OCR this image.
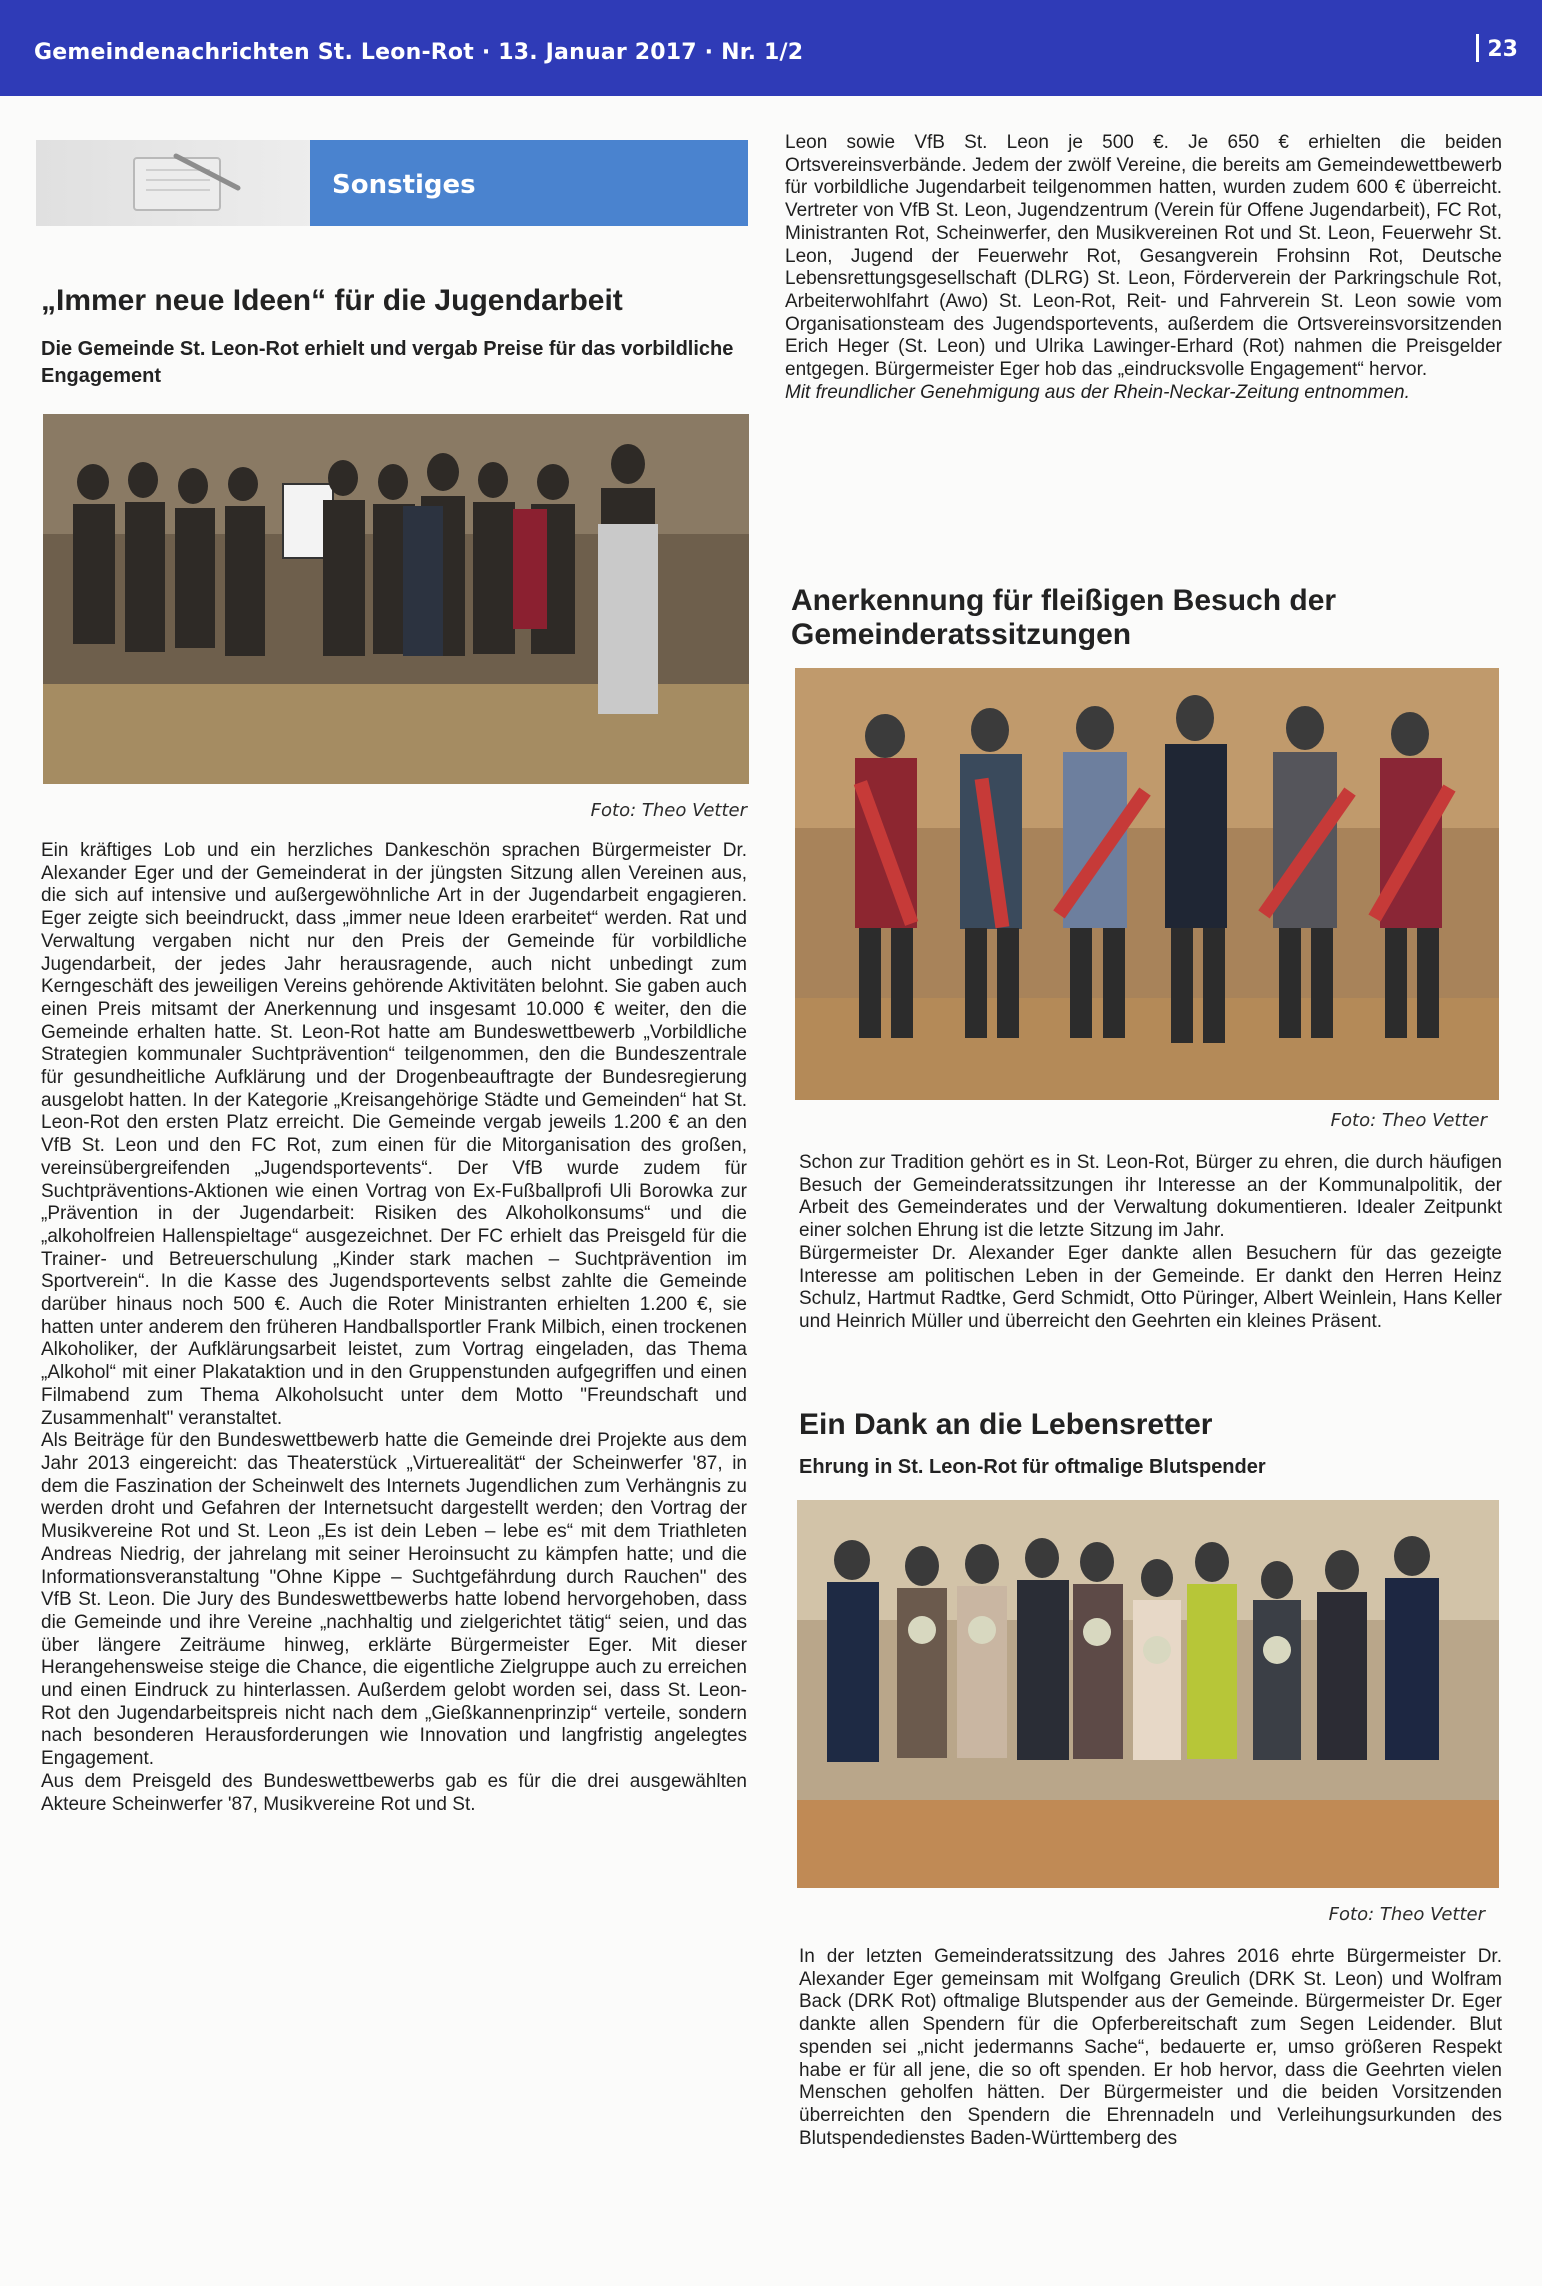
Gemeindenachrichten St. Leon-Rot · 13. Januar 2017 · Nr. 1/2	23
Sonstiges
„Immer neue Ideen“ für die Jugendarbeit
Die Gemeinde St. Leon-Rot erhielt und vergab Preise für das vorbildliche Engagement
Foto: Theo Vetter

Ein kräftiges Lob und ein herzliches Dankeschön sprachen Bürgermeister Dr. Alexander Eger und der Gemeinderat in der jüngsten Sitzung allen Vereinen aus, die sich auf intensive und außergewöhnliche Art in der Jugendarbeit engagieren. Eger zeigte sich beeindruckt, dass „immer neue Ideen erarbeitet“ werden. Rat und Verwaltung vergaben nicht nur den Preis der Gemeinde für vorbildliche Jugendarbeit, der jedes Jahr herausragende, auch nicht unbedingt zum Kerngeschäft des jeweiligen Vereins gehörende Aktivitäten belohnt. Sie gaben auch einen Preis mitsamt der Anerkennung und insgesamt 10.000 € weiter, den die Gemeinde erhalten hatte. St. Leon-Rot hatte am Bundeswettbewerb „Vorbildliche Strategien kommunaler Suchtprävention“ teilgenommen, den die Bundeszentrale für gesundheitliche Aufklärung und der Drogenbeauftragte der Bundesregierung ausgelobt hatten. In der Kategorie „Kreisangehörige Städte und Gemeinden“ hat St. Leon-Rot den ersten Platz erreicht. Die Gemeinde vergab jeweils 1.200 € an den VfB St. Leon und den FC Rot, zum einen für die Mitorganisation des großen, vereinsübergreifenden „Jugendsportevents“. Der VfB wurde zudem für Suchtpräventions-Aktionen wie einen Vortrag von Ex-Fußballprofi Uli Borowka zur „Prävention in der Jugendarbeit: Risiken des Alkoholkonsums“ und die „alkoholfreien Hallenspieltage“ ausgezeichnet. Der FC erhielt das Preisgeld für die Trainer- und Betreuerschulung „Kinder stark machen – Suchtprävention im Sportverein“. In die Kasse des Jugendsportevents selbst zahlte die Gemeinde darüber hinaus noch 500 €. Auch die Roter Ministranten erhielten 1.200 €, sie hatten unter anderem den früheren Handballsportler Frank Milbich, einen trockenen Alkoholiker, der Aufklärungsarbeit leistet, zum Vortrag eingeladen, das Thema „Alkohol“ mit einer Plakataktion und in den Gruppenstunden aufgegriffen und einen Filmabend zum Thema Alkoholsucht unter dem Motto "Freundschaft und Zusammenhalt" veranstaltet.

Als Beiträge für den Bundeswettbewerb hatte die Gemeinde drei Projekte aus dem Jahr 2013 eingereicht: das Theaterstück „Virtuerealität“ der Scheinwerfer '87, in dem die Faszination der Scheinwelt des Internets Jugendlichen zum Verhängnis zu werden droht und Gefahren der Internetsucht dargestellt werden; den Vortrag der Musikvereine Rot und St. Leon „Es ist dein Leben – lebe es“ mit dem Triathleten Andreas Niedrig, der jahrelang mit seiner Heroinsucht zu kämpfen hatte; und die Informationsveranstaltung "Ohne Kippe – Suchtgefährdung durch Rauchen" des VfB St. Leon. Die Jury des Bundeswettbewerbs hatte lobend hervorgehoben, dass die Gemeinde und ihre Vereine „nachhaltig und zielgerichtet tätig“ seien, und das über längere Zeiträume hinweg, erklärte Bürgermeister Eger. Mit dieser Herangehensweise steige die Chance, die eigentliche Zielgruppe auch zu erreichen und einen Eindruck zu hinterlassen. Außerdem gelobt worden sei, dass St. Leon-Rot den Jugendarbeitspreis nicht nach dem „Gießkannenprinzip“ verteile, sondern nach besonderen Herausforderungen wie Innovation und langfristig angelegtes Engagement.

Aus dem Preisgeld des Bundeswettbewerbs gab es für die drei ausgewählten Akteure Scheinwerfer '87, Musikvereine Rot und St.

Leon sowie VfB St. Leon je 500 €. Je 650 € erhielten die beiden Ortsvereinsverbände. Jedem der zwölf Vereine, die bereits am Gemeindewettbewerb für vorbildliche Jugendarbeit teilgenommen hatten, wurden zudem 600 € überreicht. Vertreter von VfB St. Leon, Jugendzentrum (Verein für Offene Jugendarbeit), FC Rot, Ministranten Rot, Scheinwerfer, den Musikvereinen Rot und St. Leon, Feuerwehr St. Leon, Jugend der Feuerwehr Rot, Gesangverein Frohsinn Rot, Deutsche Lebensrettungsgesellschaft (DLRG) St. Leon, Förderverein der Parkringschule Rot, Arbeiterwohlfahrt (Awo) St. Leon-Rot, Reit- und Fahrverein St. Leon sowie vom Organisationsteam des Jugendsportevents, außerdem die Ortsvereinsvorsitzenden Erich Heger (St. Leon) und Ulrika Lawinger-Erhard (Rot) nahmen die Preisgelder entgegen. Bürgermeister Eger hob das „eindrucksvolle Engagement“ hervor.

Mit freundlicher Genehmigung aus der Rhein-Neckar-Zeitung entnommen.

Anerkennung für fleißigen Besuch der Gemeinderatssitzungen
Foto: Theo Vetter

Schon zur Tradition gehört es in St. Leon-Rot, Bürger zu ehren, die durch häufigen Besuch der Gemeinderatssitzungen ihr Interesse an der Kommunalpolitik, der Arbeit des Gemeinderates und der Verwaltung dokumentieren. Idealer Zeitpunkt einer solchen Ehrung ist die letzte Sitzung im Jahr.

Bürgermeister Dr. Alexander Eger dankte allen Besuchern für das gezeigte Interesse am politischen Leben in der Gemeinde. Er dankt den Herren Heinz Schulz, Hartmut Radtke, Gerd Schmidt, Otto Püringer, Albert Weinlein, Hans Keller und Heinrich Müller und überreicht den Geehrten ein kleines Präsent.

Ein Dank an die Lebensretter
Ehrung in St. Leon-Rot für oftmalige Blutspender
Foto: Theo Vetter

In der letzten Gemeinderatssitzung des Jahres 2016 ehrte Bürgermeister Dr. Alexander Eger gemeinsam mit Wolfgang Greulich (DRK St. Leon) und Wolfram Back (DRK Rot) oftmalige Blutspender aus der Gemeinde. Bürgermeister Dr. Eger dankte allen Spendern für die Opferbereitschaft zum Segen Leidender. Blut spenden sei „nicht jedermanns Sache“, bedauerte er, umso größeren Respekt habe er für all jene, die so oft spenden. Er hob hervor, dass die Geehrten vielen Menschen geholfen hätten. Der Bürgermeister und die beiden Vorsitzenden überreichten den Spendern die Ehrennadeln und Verleihungsurkunden des Blutspendedienstes Baden-Württemberg des
